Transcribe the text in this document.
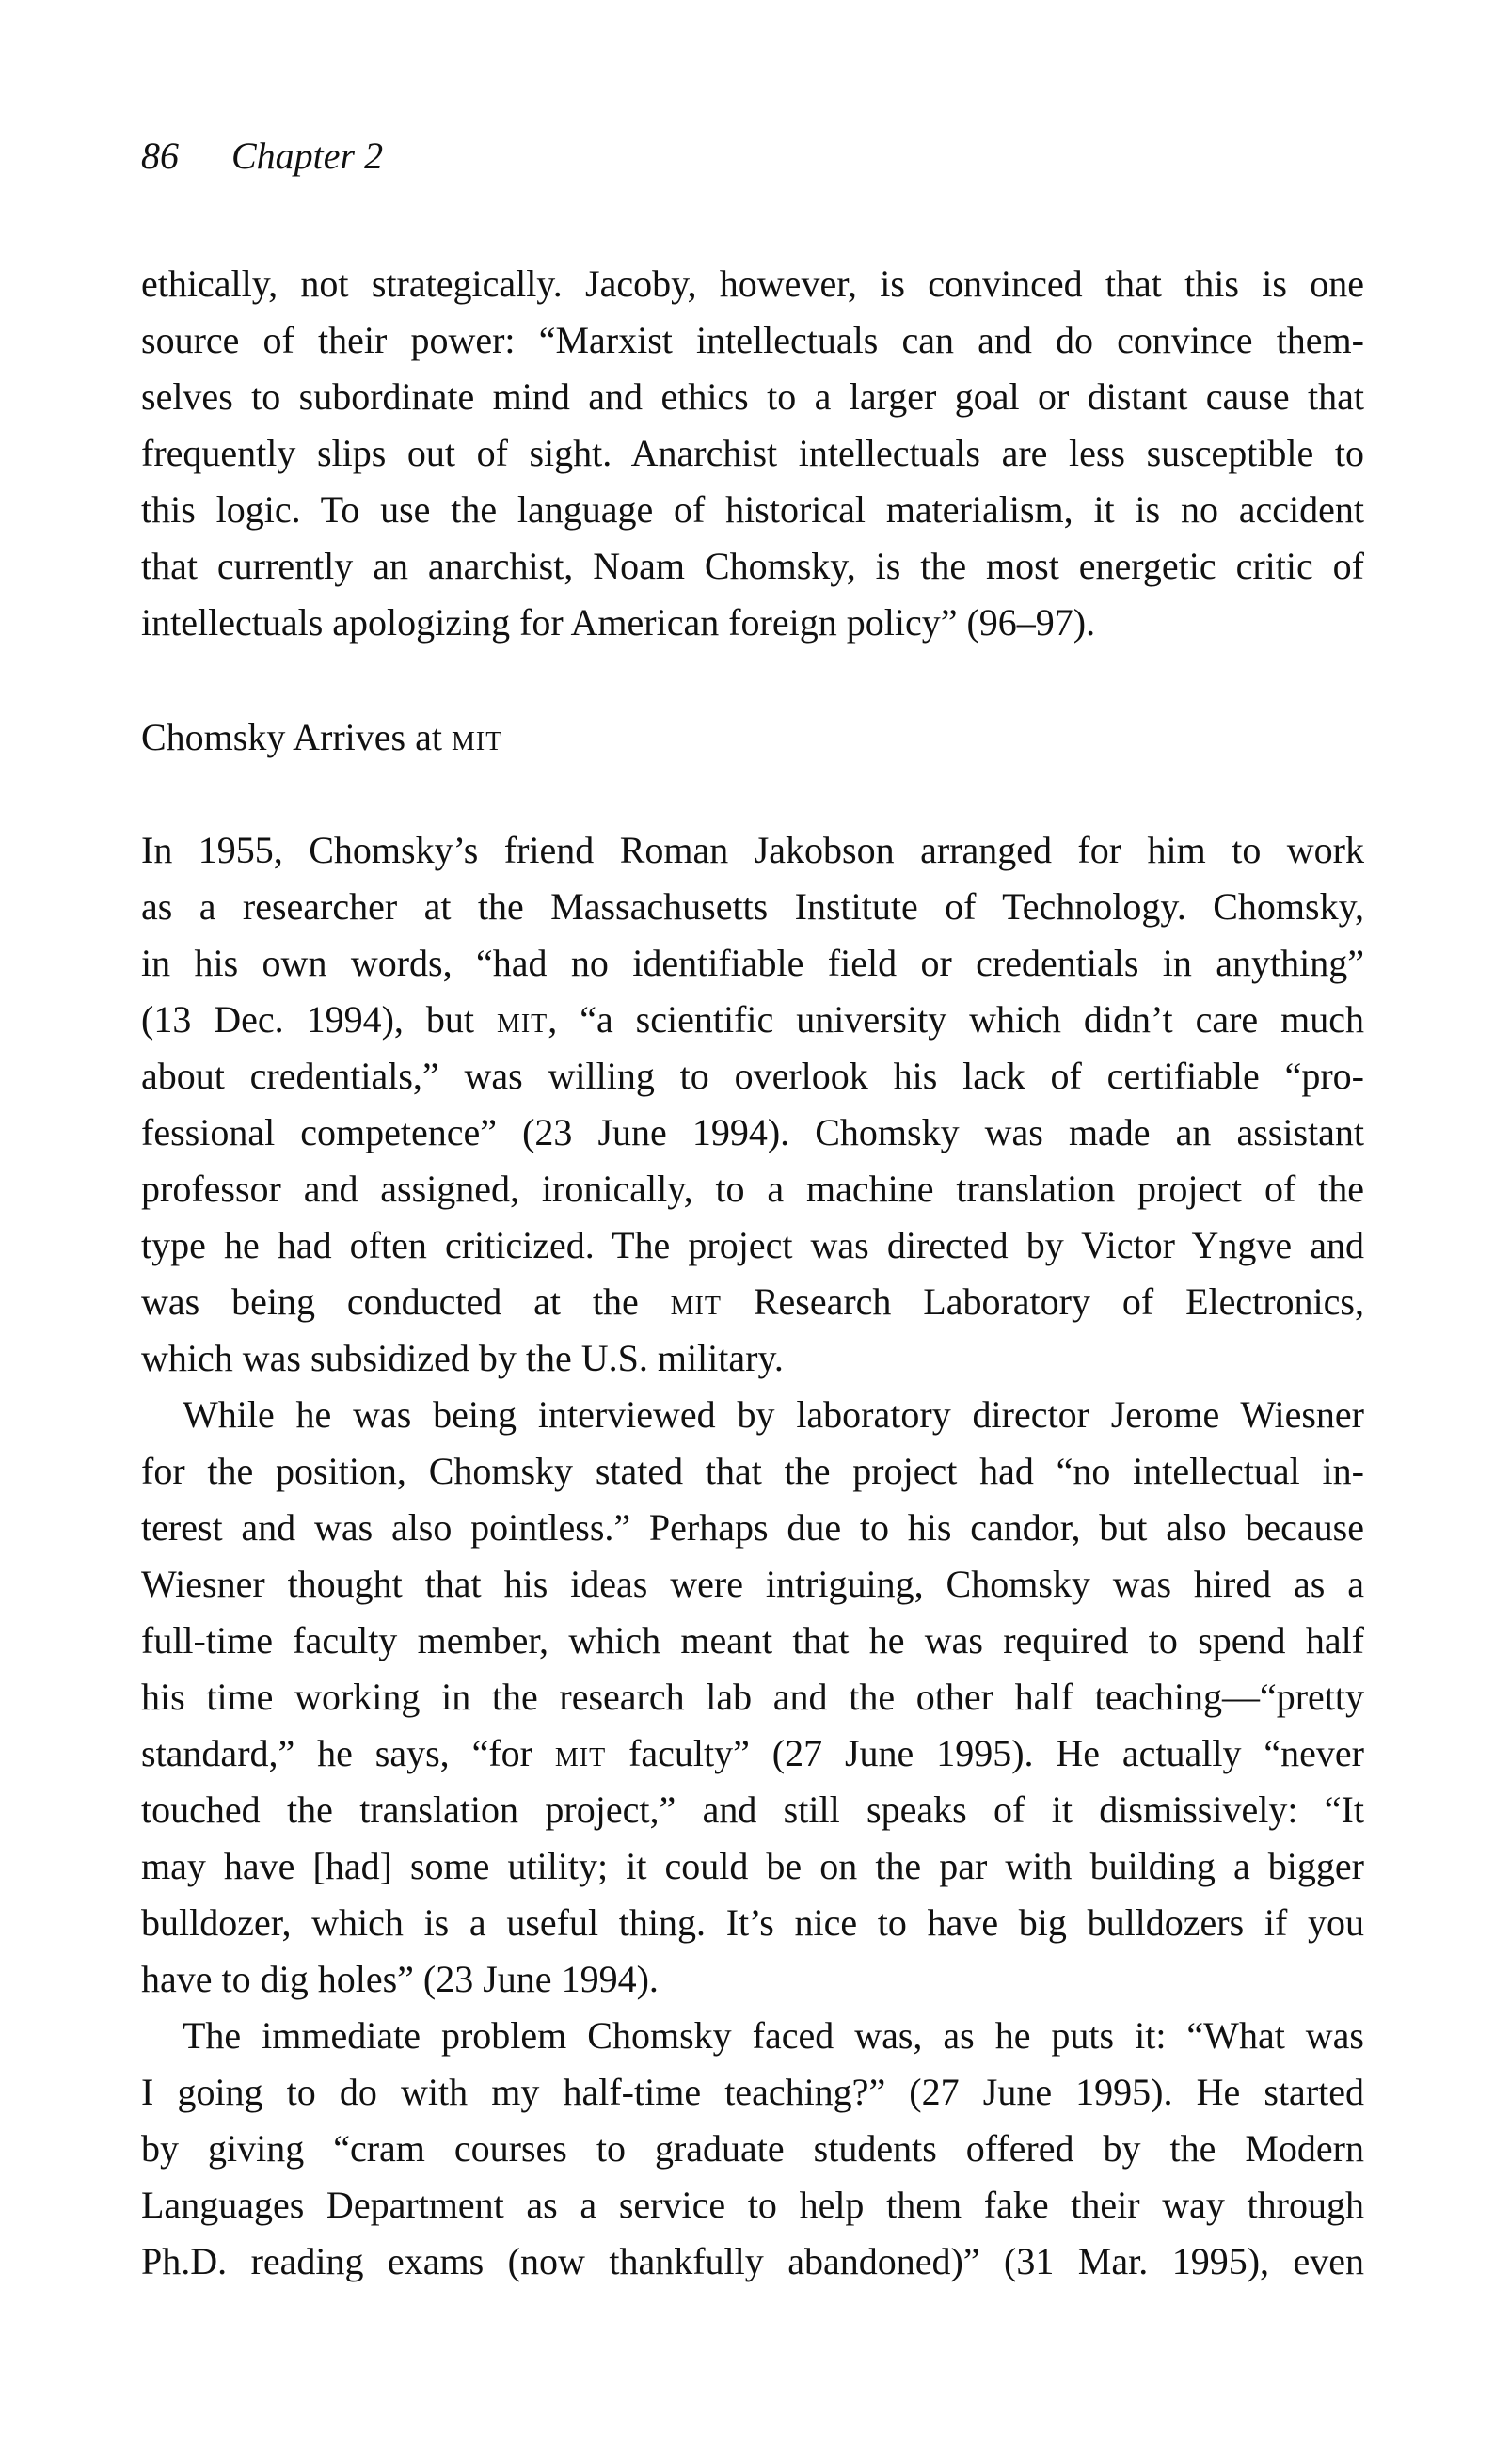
86 Chapter 2
ethically, not strategically. Jacoby, however, is convinced that this is one
source of their power: “Marxist intellectuals can and do convince them-
selves to subordinate mind and ethics to a larger goal or distant cause that
frequently slips out of sight. Anarchist intellectuals are less susceptible to
this logic. To use the language of historical materialism, it is no accident
that currently an anarchist, Noam Chomsky, is the most energetic critic of
intellectuals apologizing for American foreign policy” (96–97).
Chomsky Arrives at mit
In 1955, Chomsky’s friend Roman Jakobson arranged for him to work
as a researcher at the Massachusetts Institute of Technology. Chomsky,
in his own words, “had no identifiable field or credentials in anything”
(13 Dec. 1994), but mit, “a scientific university which didn’t care much
about credentials,” was willing to overlook his lack of certifiable “pro-
fessional competence” (23 June 1994). Chomsky was made an assistant
professor and assigned, ironically, to a machine translation project of the
type he had often criticized. The project was directed by Victor Yngve and
was being conducted at the mit Research Laboratory of Electronics,
which was subsidized by the U.S. military.
While he was being interviewed by laboratory director Jerome Wiesner
for the position, Chomsky stated that the project had “no intellectual in-
terest and was also pointless.” Perhaps due to his candor, but also because
Wiesner thought that his ideas were intriguing, Chomsky was hired as a
full-time faculty member, which meant that he was required to spend half
his time working in the research lab and the other half teaching—“pretty
standard,” he says, “for mit faculty” (27 June 1995). He actually “never
touched the translation project,” and still speaks of it dismissively: “It
may have [had] some utility; it could be on the par with building a bigger
bulldozer, which is a useful thing. It’s nice to have big bulldozers if you
have to dig holes” (23 June 1994).
The immediate problem Chomsky faced was, as he puts it: “What was
I going to do with my half-time teaching?” (27 June 1995). He started
by giving “cram courses to graduate students offered by the Modern
Languages Department as a service to help them fake their way through
Ph.D. reading exams (now thankfully abandoned)” (31 Mar. 1995), even
